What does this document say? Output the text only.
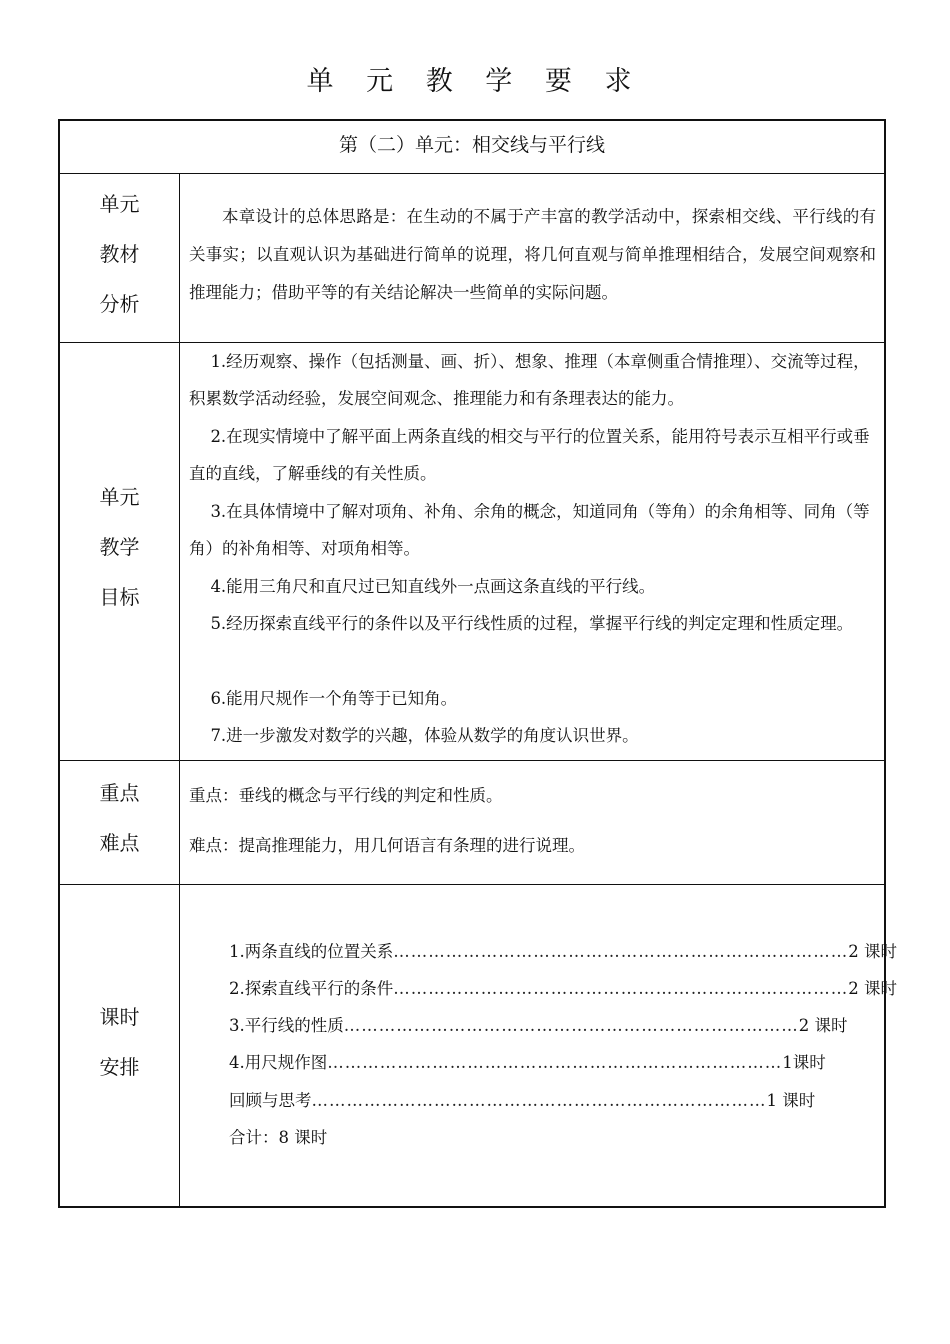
单 元 教 学 要 求
第（二）单元：相交线与平行线
单元
教材
分析
本章设计的总体思路是：在生动的不属于产丰富的教学活动中，探索相交线、平行线的有关事实；以直观认识为基础进行简单的说理，将几何直观与简单推理相结合，发展空间观察和推理能力；借助平等的有关结论解决一些简单的实际问题。
单元
教学
目标
1.经历观察、操作（包括测量、画、折）、想象、推理（本章侧重合情推理）、交流等过程，积累数学活动经验，发展空间观念、推理能力和有条理表达的能力。
2.在现实情境中了解平面上两条直线的相交与平行的位置关系，能用符号表示互相平行或垂直的直线，了解垂线的有关性质。
3.在具体情境中了解对项角、补角、余角的概念，知道同角（等角）的余角相等、同角（等角）的补角相等、对项角相等。
4.能用三角尺和直尺过已知直线外一点画这条直线的平行线。
5.经历探索直线平行的条件以及平行线性质的过程，掌握平行线的判定定理和性质定理。
6.能用尺规作一个角等于已知角。
7.进一步激发对数学的兴趣，体验从数学的角度认识世界。
重点
难点
重点：垂线的概念与平行线的判定和性质。
难点：提高推理能力，用几何语言有条理的进行说理。
课时
安排
1.两条直线的位置关系 …………………………………………………………………… 2 课时
2.探索直线平行的条件 …………………………………………………………………… 2 课时
3.平行线的性质 …………………………………………………………………… 2 课时
4.用尺规作图 …………………………………………………………………… 1课时
回顾与思考 …………………………………………………………………… 1 课时
合计：8 课时
